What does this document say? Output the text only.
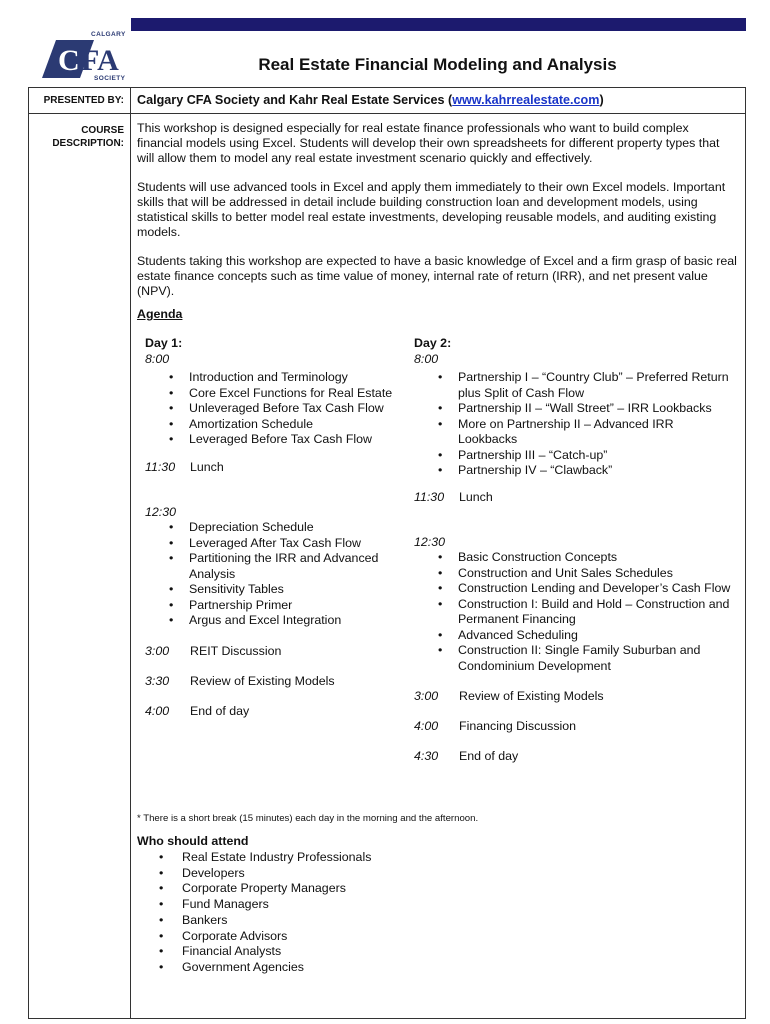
C FA
CALGARY
SOCIETY
Real Estate Financial Modeling and Analysis
PRESENTED BY: Calgary CFA Society and Kahr Real Estate Services (www.kahrrealestate.com)
COURSE
DESCRIPTION:
This workshop is designed especially for real estate finance professionals who want to build complex financial models using Excel. Students will develop their own spreadsheets for different property types that will allow them to model any real estate investment scenario quickly and effectively.
Students will use advanced tools in Excel and apply them immediately to their own Excel models. Important skills that will be addressed in detail include building construction loan and development models, using statistical skills to better model real estate investments, developing reusable models, and auditing existing models.
Students taking this workshop are expected to have a basic knowledge of Excel and a firm grasp of basic real estate finance concepts such as time value of money, internal rate of return (IRR), and net present value (NPV).
Agenda
Day 1:
8:00
• Introduction and Terminology
• Core Excel Functions for Real Estate
• Unleveraged Before Tax Cash Flow
• Amortization Schedule
• Leveraged Before Tax Cash Flow
11:30 Lunch
12:30
• Depreciation Schedule
• Leveraged After Tax Cash Flow
• Partitioning the IRR and Advanced Analysis
• Sensitivity Tables
• Partnership Primer
• Argus and Excel Integration
3:00 REIT Discussion
3:30 Review of Existing Models
4:00 End of day
Day 2:
8:00
• Partnership I – “Country Club” – Preferred Return plus Split of Cash Flow
• Partnership II – “Wall Street” – IRR Lookbacks
• More on Partnership II – Advanced IRR Lookbacks
• Partnership III – “Catch-up”
• Partnership IV – “Clawback”
11:30 Lunch
12:30
• Basic Construction Concepts
• Construction and Unit Sales Schedules
• Construction Lending and Developer’s Cash Flow
• Construction I: Build and Hold – Construction and Permanent Financing
• Advanced Scheduling
• Construction II: Single Family Suburban and Condominium Development
3:00 Review of Existing Models
4:00 Financing Discussion
4:30 End of day
* There is a short break (15 minutes) each day in the morning and the afternoon.
Who should attend
• Real Estate Industry Professionals
• Developers
• Corporate Property Managers
• Fund Managers
• Bankers
• Corporate Advisors
• Financial Analysts
• Government Agencies
